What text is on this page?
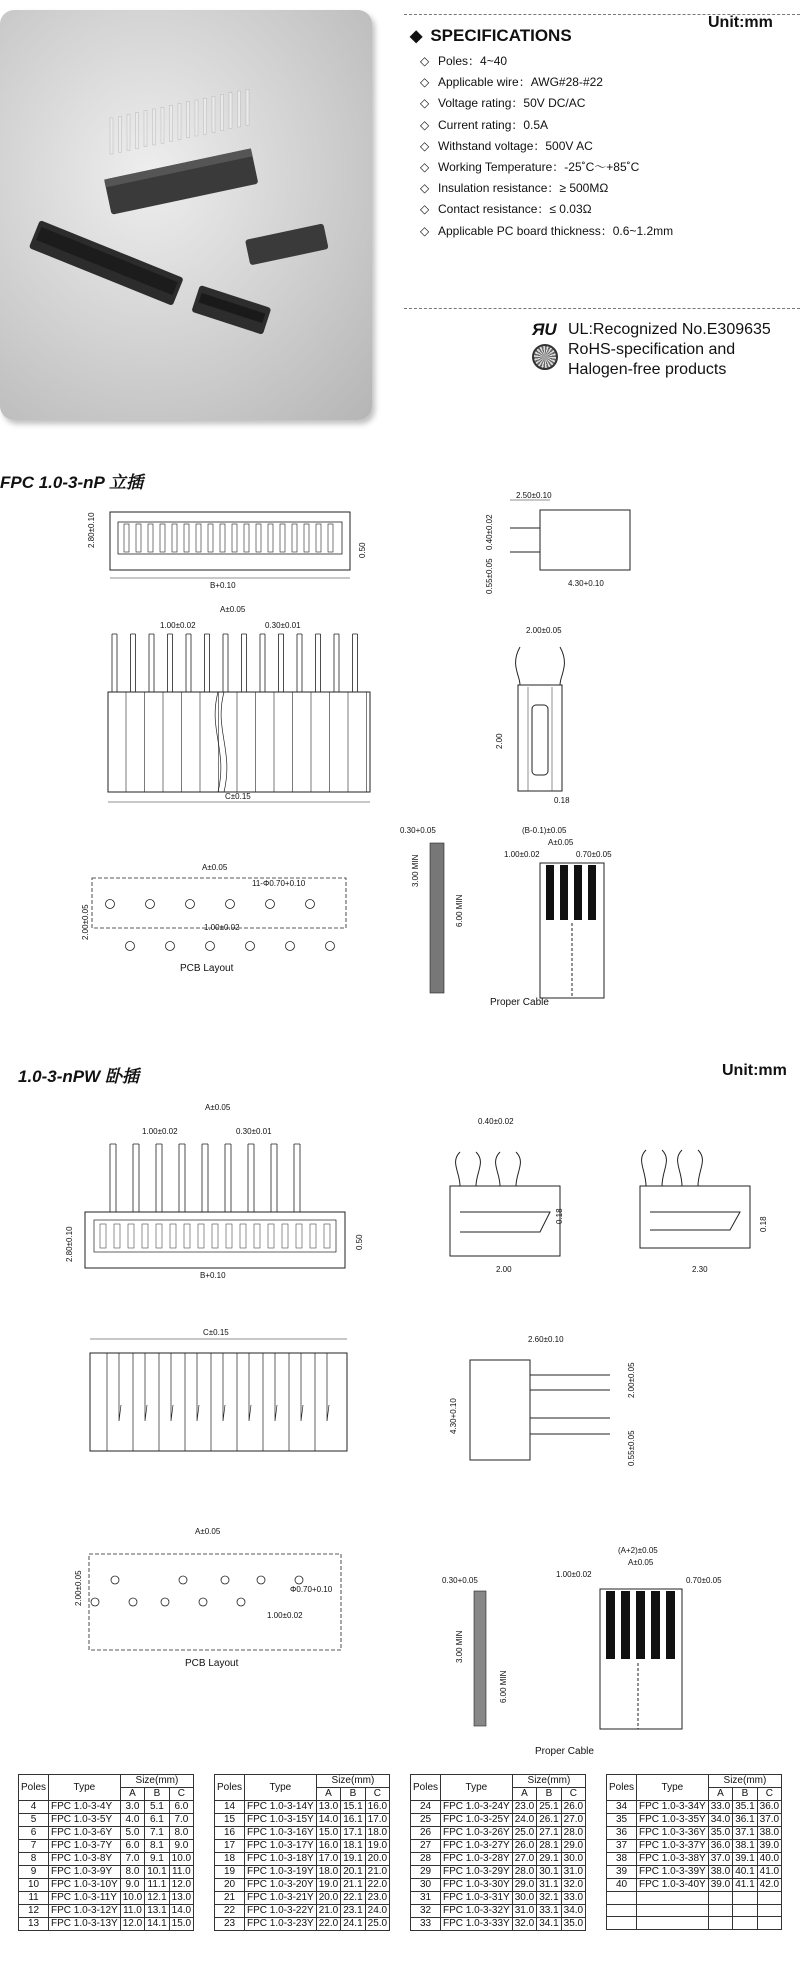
◆ SPECIFICATIONS
Unit:mm
◇ Poles：4~40
◇ Applicable wire：AWG#28-#22
◇ Voltage rating：50V DC/AC
◇ Current rating：0.5A
◇ Withstand voltage：500V AC
◇ Working Temperature：-25˚C～+85˚C
◇ Insulation resistance：≥ 500MΩ
◇ Contact resistance：≤ 0.03Ω
◇ Applicable PC board thickness：0.6~1.2mm
ЯU UL:Recognized No.E309635
RoHS-specification and
Halogen-free products
FPC 1.0-3-nP 立插
B+0.10
2.80±0.10
0.50
2.50±0.10
0.40±0.02
0.55±0.05	4.30+0.10
A±0.05
1.00±0.02	0.30±0.01
C±0.15
2.00±0.05
2.00
0.18
A±0.05
11-Φ0.70+0.10
2.00±0.05	1.00±0.02
PCB Layout
0.30+0.05
3.00 MIN
6.00 MIN
(B-0.1)±0.05
A±0.05
1.00±0.02	0.70±0.05
Proper Cable
1.0-3-nPW 卧插	Unit:mm
A±0.05
1.00±0.02	0.30±0.01
2.80±0.10	0.50
B+0.10
0.40±0.02
0.18
2.00
0.18
2.30
C±0.15
2.60±0.10
4.30+0.10
2.00±0.05
0.55±0.05
A±0.05
2.00±0.05	Φ0.70+0.10
1.00±0.02
PCB Layout
0.30+0.05
3.00 MIN
6.00 MIN
(A+2)±0.05
A±0.05
1.00±0.02
0.70±0.05
Proper Cable
Poles	Type	Size(mm)		
		A	B	C
4	FPC 1.0-3-4Y	3.0	5.1	6.0
5	FPC 1.0-3-5Y	4.0	6.1	7.0
6	FPC 1.0-3-6Y	5.0	7.1	8.0
7	FPC 1.0-3-7Y	6.0	8.1	9.0
8	FPC 1.0-3-8Y	7.0	9.1	10.0
9	FPC 1.0-3-9Y	8.0	10.1	11.0
10	FPC 1.0-3-10Y	9.0	11.1	12.0
11	FPC 1.0-3-11Y	10.0	12.1	13.0
12	FPC 1.0-3-12Y	11.0	13.1	14.0
13	FPC 1.0-3-13Y	12.0	14.1	15.0
Poles	Type	Size(mm)		
		A	B	C
14	FPC 1.0-3-14Y	13.0	15.1	16.0
15	FPC 1.0-3-15Y	14.0	16.1	17.0
16	FPC 1.0-3-16Y	15.0	17.1	18.0
17	FPC 1.0-3-17Y	16.0	18.1	19.0
18	FPC 1.0-3-18Y	17.0	19.1	20.0
19	FPC 1.0-3-19Y	18.0	20.1	21.0
20	FPC 1.0-3-20Y	19.0	21.1	22.0
21	FPC 1.0-3-21Y	20.0	22.1	23.0
22	FPC 1.0-3-22Y	21.0	23.1	24.0
23	FPC 1.0-3-23Y	22.0	24.1	25.0
Poles	Type	Size(mm)		
		A	B	C
24	FPC 1.0-3-24Y	23.0	25.1	26.0
25	FPC 1.0-3-25Y	24.0	26.1	27.0
26	FPC 1.0-3-26Y	25.0	27.1	28.0
27	FPC 1.0-3-27Y	26.0	28.1	29.0
28	FPC 1.0-3-28Y	27.0	29.1	30.0
29	FPC 1.0-3-29Y	28.0	30.1	31.0
30	FPC 1.0-3-30Y	29.0	31.1	32.0
31	FPC 1.0-3-31Y	30.0	32.1	33.0
32	FPC 1.0-3-32Y	31.0	33.1	34.0
33	FPC 1.0-3-33Y	32.0	34.1	35.0
Poles	Type	Size(mm)		
		A	B	C
34	FPC 1.0-3-34Y	33.0	35.1	36.0
35	FPC 1.0-3-35Y	34.0	36.1	37.0
36	FPC 1.0-3-36Y	35.0	37.1	38.0
37	FPC 1.0-3-37Y	36.0	38.1	39.0
38	FPC 1.0-3-38Y	37.0	39.1	40.0
39	FPC 1.0-3-39Y	38.0	40.1	41.0
40	FPC 1.0-3-40Y	39.0	41.1	42.0
